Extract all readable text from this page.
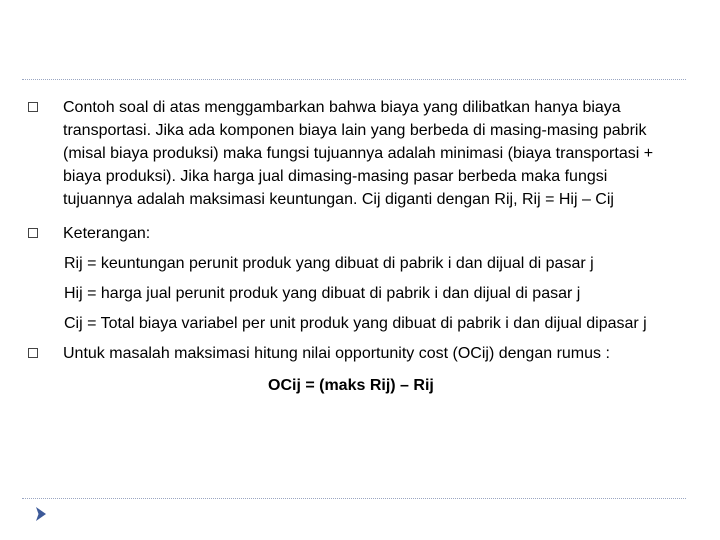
Contoh soal di atas menggambarkan bahwa biaya yang dilibatkan hanya biaya transportasi. Jika ada komponen biaya lain yang berbeda di masing-masing pabrik (misal biaya produksi) maka fungsi tujuannya adalah minimasi (biaya transportasi + biaya produksi). Jika harga jual dimasing-masing pasar berbeda maka fungsi tujuannya adalah maksimasi keuntungan. Cij diganti dengan Rij, Rij = Hij – Cij
Keterangan:
Rij = keuntungan perunit produk yang dibuat di pabrik i dan dijual di pasar j
Hij = harga jual perunit produk yang dibuat di pabrik i dan dijual di pasar j
Cij = Total biaya variabel per unit produk yang dibuat di pabrik i dan dijual dipasar j
Untuk masalah maksimasi hitung nilai opportunity cost (OCij) dengan rumus :
OCij = (maks Rij) – Rij
